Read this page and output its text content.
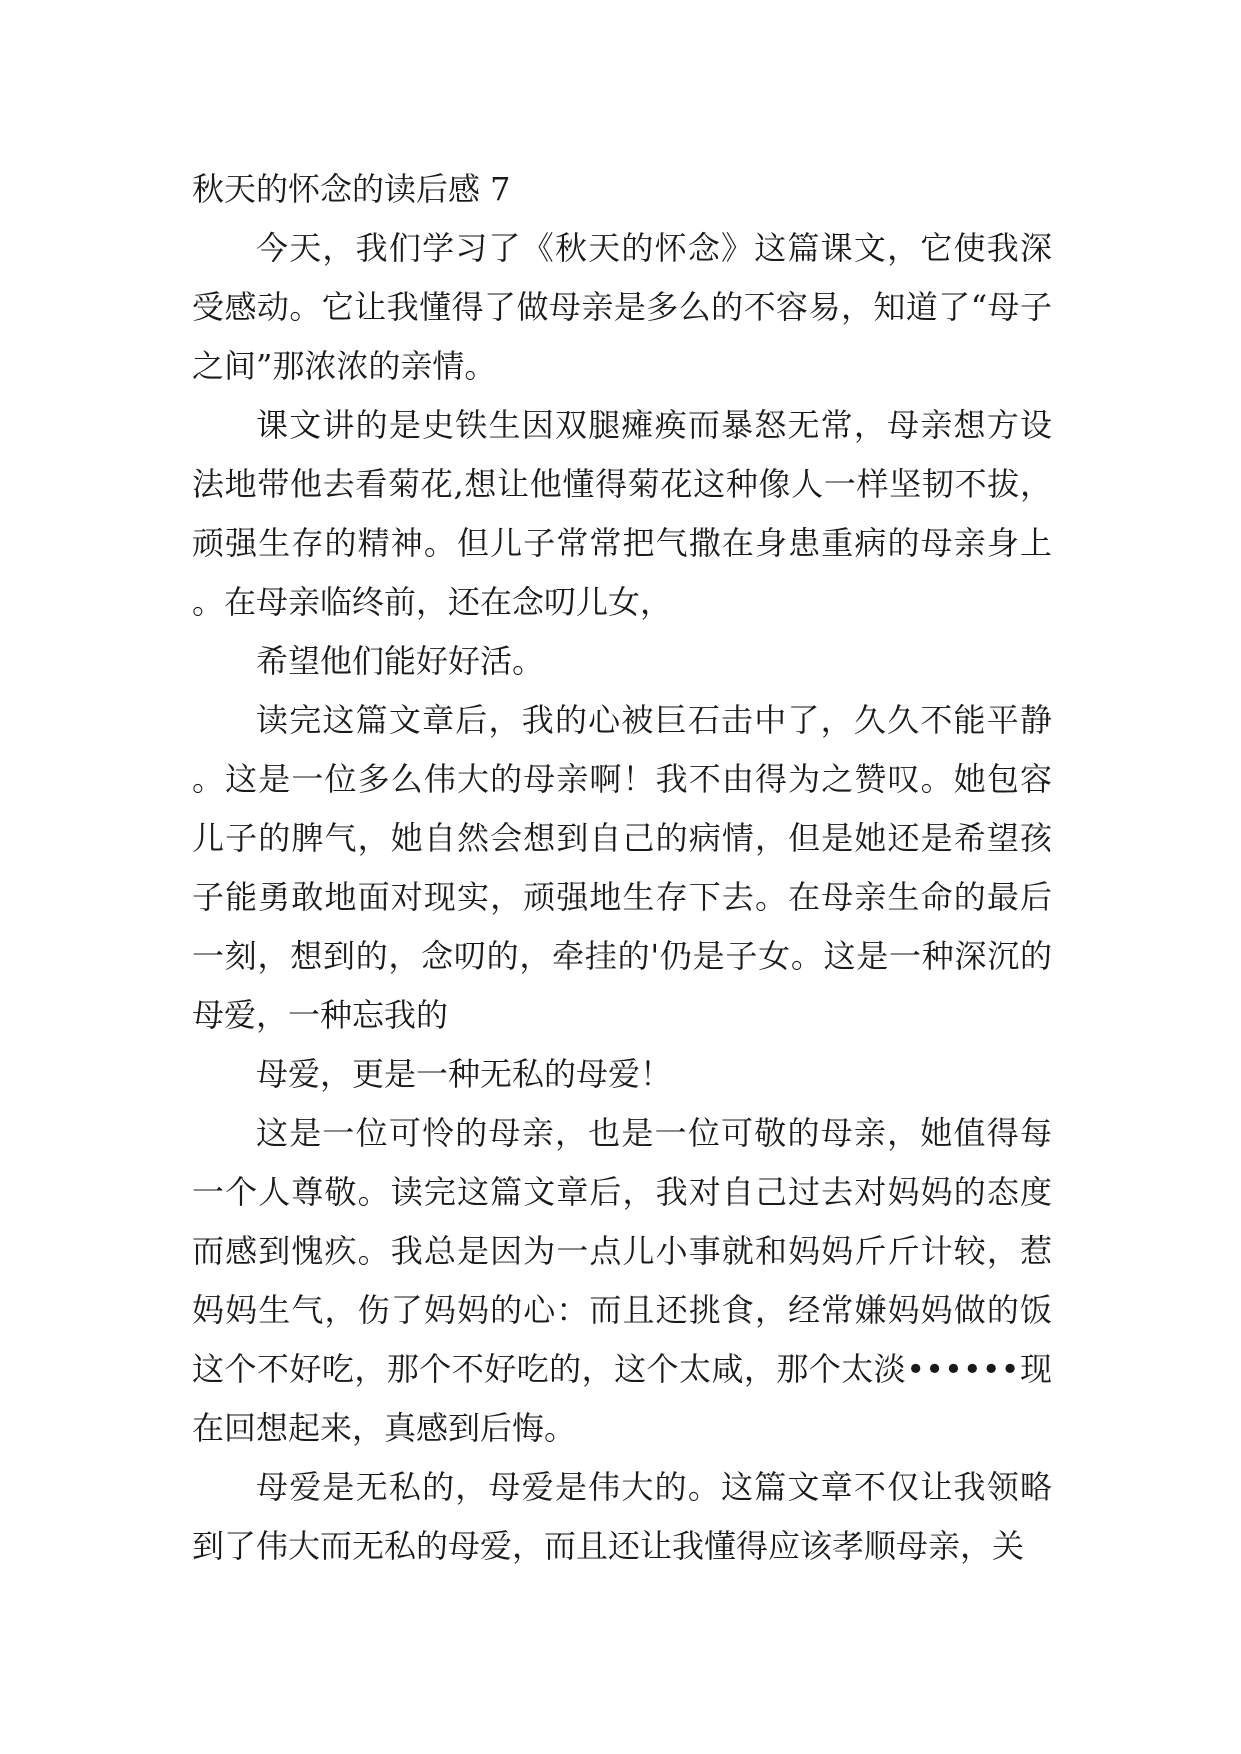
秋天的怀念的读后感 7

今天，我们学习了《秋天的怀念》这篇课文，它使我深受感动。它让我懂得了做母亲是多么的不容易，知道了“母子之间”那浓浓的亲情。

课文讲的是史铁生因双腿瘫痪而暴怒无常，母亲想方设法地带他去看菊花,想让他懂得菊花这种像人一样坚韧不拔，顽强生存的精神。但儿子常常把气撒在身患重病的母亲身上。在母亲临终前，还在念叨儿女，

希望他们能好好活。

读完这篇文章后，我的心被巨石击中了，久久不能平静。这是一位多么伟大的母亲啊！我不由得为之赞叹。她包容儿子的脾气，她自然会想到自己的病情，但是她还是希望孩子能勇敢地面对现实，顽强地生存下去。在母亲生命的最后一刻，想到的，念叨的，牵挂的'仍是子女。这是一种深沉的母爱，一种忘我的

母爱，更是一种无私的母爱！

这是一位可怜的母亲，也是一位可敬的母亲，她值得每一个人尊敬。读完这篇文章后，我对自己过去对妈妈的态度而感到愧疚。我总是因为一点儿小事就和妈妈斤斤计较，惹妈妈生气，伤了妈妈的心：而且还挑食，经常嫌妈妈做的饭这个不好吃，那个不好吃的，这个太咸，那个太淡••••••现在回想起来，真感到后悔。

母爱是无私的，母爱是伟大的。这篇文章不仅让我领略到了伟大而无私的母爱，而且还让我懂得应该孝顺母亲，关
